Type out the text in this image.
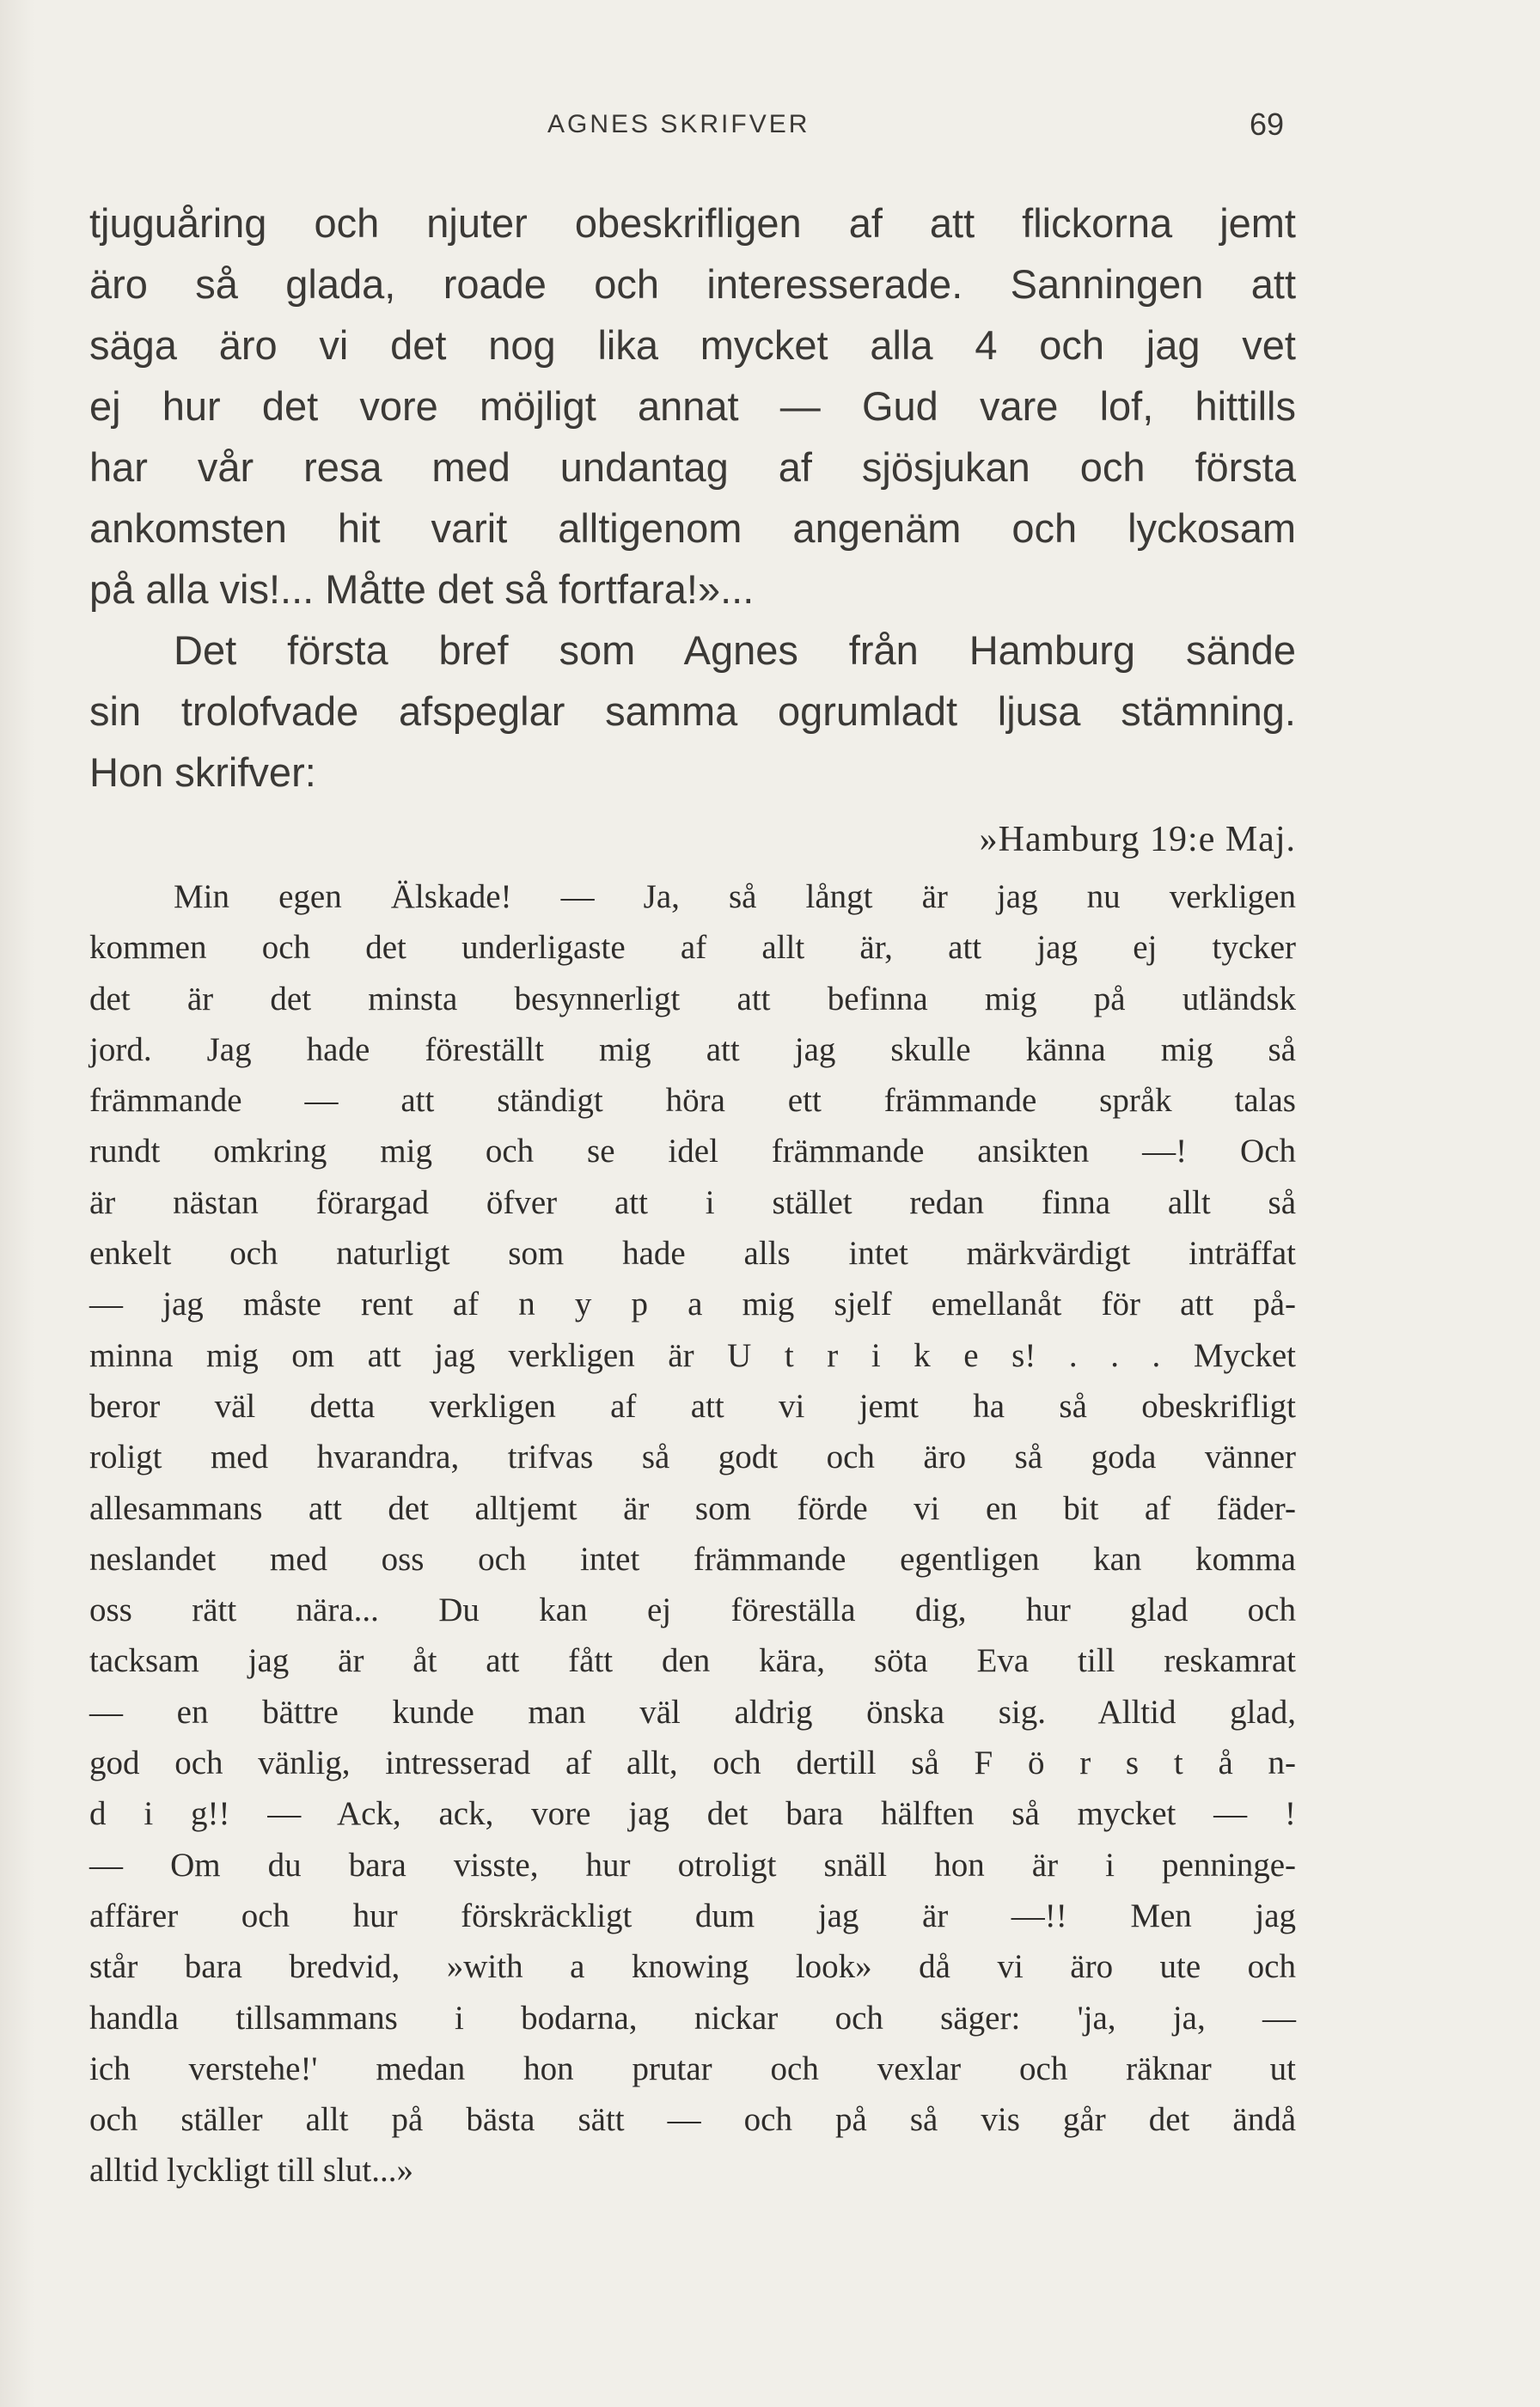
AGNES SKRIFVER	69
tjuguåring och njuter obeskrifligen af att flickorna jemt
äro så glada, roade och interesserade. Sanningen att
säga äro vi det nog lika mycket alla 4 och jag vet
ej hur det vore möjligt annat — Gud vare lof, hittills
har vår resa med undantag af sjösjukan och första
ankomsten hit varit alltigenom angenäm och lyckosam
på alla vis!... Måtte det så fortfara!»...
Det första bref som Agnes från Hamburg sände
sin trolofvade afspeglar samma ogrumladt ljusa stämning.
Hon skrifver:
»Hamburg 19:e Maj.
Min egen Älskade! — Ja, så långt är jag nu verkligen
kommen och det underligaste af allt är, att jag ej tycker
det är det minsta besynnerligt att befinna mig på utländsk
jord. Jag hade föreställt mig att jag skulle känna mig så
främmande — att ständigt höra ett främmande språk talas
rundt omkring mig och se idel främmande ansikten —! Och
är nästan förargad öfver att i stället redan finna allt så
enkelt och naturligt som hade alls intet märkvärdigt inträffat
— jag måste rent af n y p a mig sjelf emellanåt för att på-
minna mig om att jag verkligen är U t r i k e s! . . . Mycket
beror väl detta verkligen af att vi jemt ha så obeskrifligt
roligt med hvarandra, trifvas så godt och äro så goda vänner
allesammans att det alltjemt är som förde vi en bit af fäder-
neslandet med oss och intet främmande egentligen kan komma
oss rätt nära... Du kan ej föreställa dig, hur glad och
tacksam jag är åt att fått den kära, söta Eva till reskamrat
— en bättre kunde man väl aldrig önska sig. Alltid glad,
god och vänlig, intresserad af allt, och dertill så F ö r s t å n-
d i g!! — Ack, ack, vore jag det bara hälften så mycket — !
— Om du bara visste, hur otroligt snäll hon är i penninge-
affärer och hur förskräckligt dum jag är —!! Men jag
står bara bredvid, »with a knowing look» då vi äro ute och
handla tillsammans i bodarna, nickar och säger: 'ja, ja, —
ich verstehe!' medan hon prutar och vexlar och räknar ut
och ställer allt på bästa sätt — och på så vis går det ändå
alltid lyckligt till slut...»
